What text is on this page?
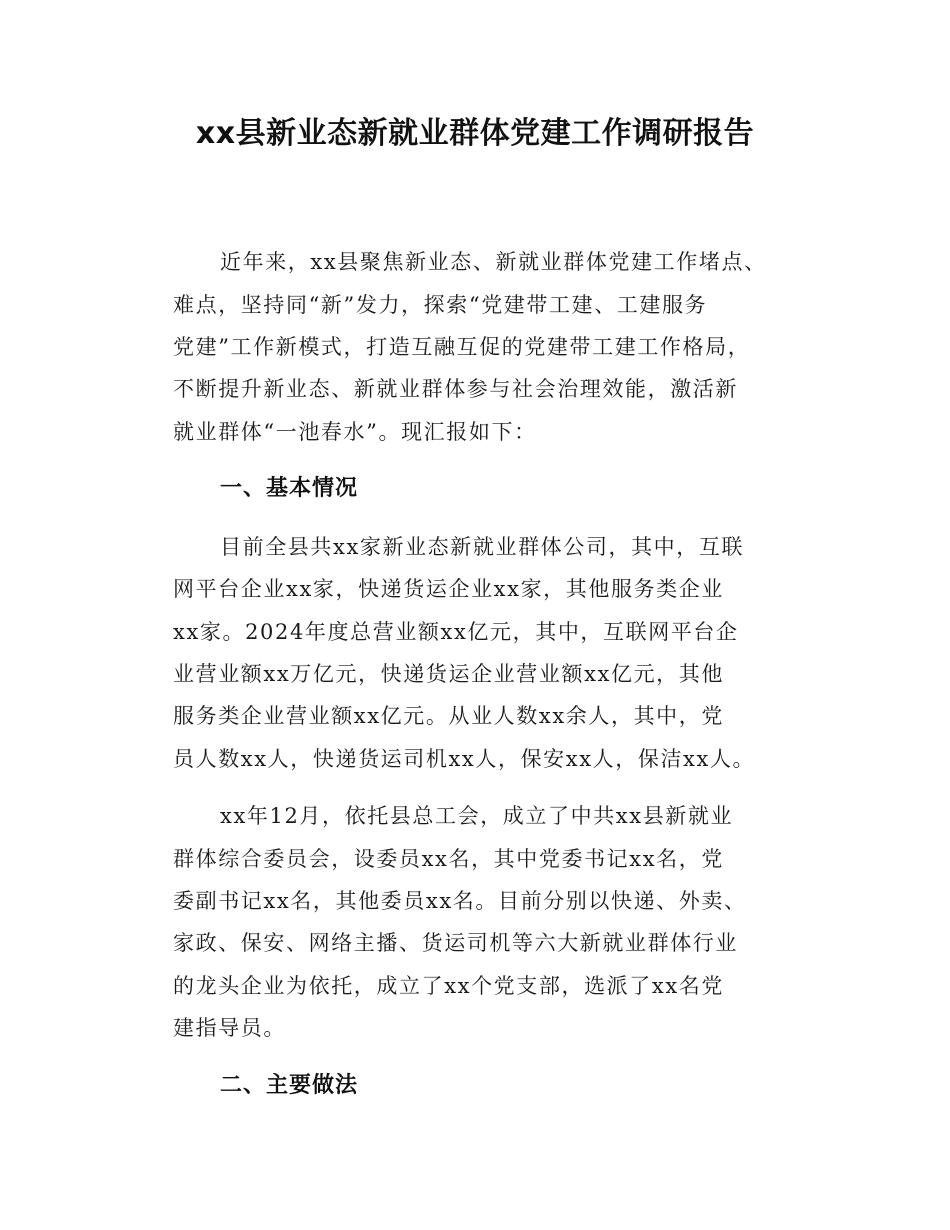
xx县新业态新就业群体党建工作调研报告
近年来，xx县聚焦新业态、新就业群体党建工作堵点、
难点，坚持同“新”发力，探索“党建带工建、工建服务
党建”工作新模式，打造互融互促的党建带工建工作格局，
不断提升新业态、新就业群体参与社会治理效能，激活新
就业群体“一池春水”。现汇报如下：
一、基本情况
目前全县共xx家新业态新就业群体公司，其中，互联
网平台企业xx家，快递货运企业xx家，其他服务类企业
xx家。2024年度总营业额xx亿元，其中，互联网平台企
业营业额xx万亿元，快递货运企业营业额xx亿元，其他
服务类企业营业额xx亿元。从业人数xx余人，其中，党
员人数xx人，快递货运司机xx人，保安xx人，保洁xx人。
xx年12月，依托县总工会，成立了中共xx县新就业
群体综合委员会，设委员xx名，其中党委书记xx名，党
委副书记xx名，其他委员xx名。目前分别以快递、外卖、
家政、保安、网络主播、货运司机等六大新就业群体行业
的龙头企业为依托，成立了xx个党支部，选派了xx名党
建指导员。
二、主要做法
